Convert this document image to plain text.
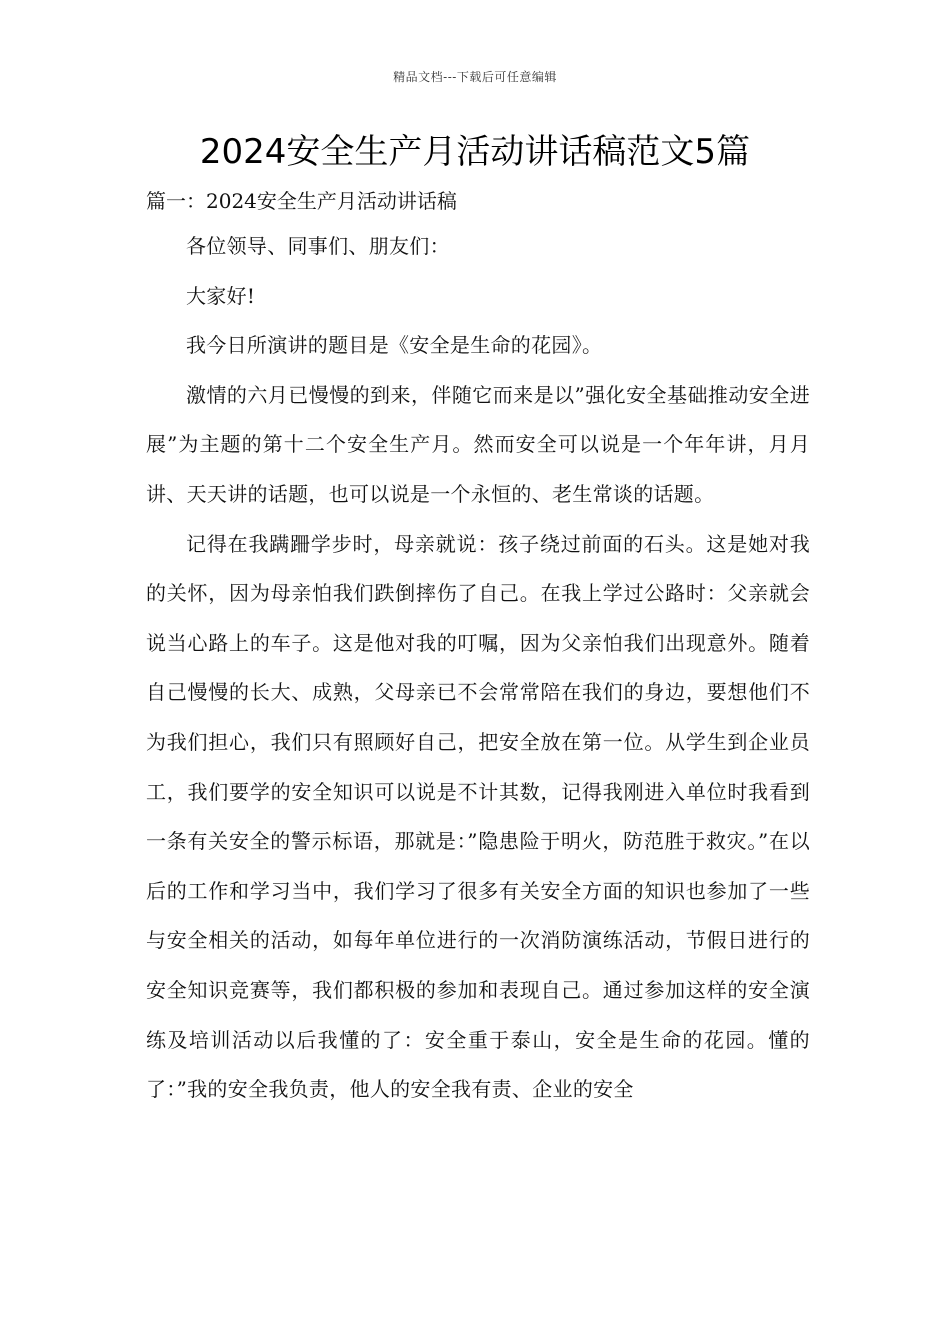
精品文档---下载后可任意编辑
2024安全生产月活动讲话稿范文5篇
篇一：2024安全生产月活动讲话稿

各位领导、同事们、朋友们：

大家好!

我今日所演讲的题目是《安全是生命的花园》。

激情的六月已慢慢的到来，伴随它而来是以”强化安全基础推动安全进展”为主题的第十二个安全生产月。然而安全可以说是一个年年讲，月月讲、天天讲的话题，也可以说是一个永恒的、老生常谈的话题。

记得在我蹒跚学步时，母亲就说：孩子绕过前面的石头。这是她对我的关怀，因为母亲怕我们跌倒摔伤了自己。在我上学过公路时：父亲就会说当心路上的车子。这是他对我的叮嘱，因为父亲怕我们出现意外。随着自己慢慢的长大、成熟，父母亲已不会常常陪在我们的身边，要想他们不为我们担心，我们只有照顾好自己，把安全放在第一位。从学生到企业员工，我们要学的安全知识可以说是不计其数，记得我刚进入单位时我看到一条有关安全的警示标语，那就是：”隐患险于明火，防范胜于救灾。”在以后的工作和学习当中，我们学习了很多有关安全方面的知识也参加了一些与安全相关的活动，如每年单位进行的一次消防演练活动，节假日进行的安全知识竞赛等，我们都积极的参加和表现自己。通过参加这样的安全演练及培训活动以后我懂的了：安全重于泰山，安全是生命的花园。懂的了：”我的安全我负责，他人的安全我有责、企业的安全
